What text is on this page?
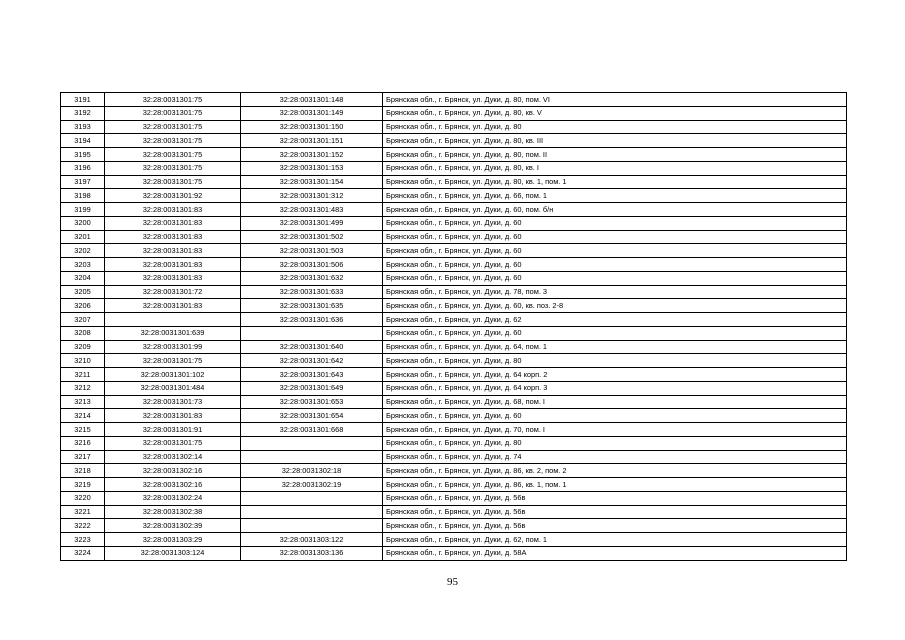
3191	32:28:0031301:75	32:28:0031301:148	Брянская обл., г. Брянск, ул. Дуки, д. 80, пом. VI
3192	32:28:0031301:75	32:28:0031301:149	Брянская обл., г. Брянск, ул. Дуки, д. 80, кв. V
3193	32:28:0031301:75	32:28:0031301:150	Брянская обл., г. Брянск, ул. Дуки, д. 80
3194	32:28:0031301:75	32:28:0031301:151	Брянская обл., г. Брянск, ул. Дуки, д. 80, кв. III
3195	32:28:0031301:75	32:28:0031301:152	Брянская обл., г. Брянск, ул. Дуки, д. 80, пом. II
3196	32:28:0031301:75	32:28:0031301:153	Брянская обл., г. Брянск, ул. Дуки, д. 80, кв. I
3197	32:28:0031301:75	32:28:0031301:154	Брянская обл., г. Брянск, ул. Дуки, д. 80, кв. 1, пом. 1
3198	32:28:0031301:92	32:28:0031301:312	Брянская обл., г. Брянск, ул. Дуки, д. 66, пом. 1
3199	32:28:0031301:83	32:28:0031301:483	Брянская обл., г. Брянск, ул. Дуки, д. 60, пом. б/н
3200	32:28:0031301:83	32:28:0031301:499	Брянская обл., г. Брянск, ул. Дуки, д. 60
3201	32:28:0031301:83	32:28:0031301:502	Брянская обл., г. Брянск, ул. Дуки, д. 60
3202	32:28:0031301:83	32:28:0031301:503	Брянская обл., г. Брянск, ул. Дуки, д. 60
3203	32:28:0031301:83	32:28:0031301:506	Брянская обл., г. Брянск, ул. Дуки, д. 60
3204	32:28:0031301:83	32:28:0031301:632	Брянская обл., г. Брянск, ул. Дуки, д. 60
3205	32:28:0031301:72	32:28:0031301:633	Брянская обл., г. Брянск, ул. Дуки, д. 78, пом. 3
3206	32:28:0031301:83	32:28:0031301:635	Брянская обл., г. Брянск, ул. Дуки, д. 60, кв. поз. 2-8
3207		32:28:0031301:636	Брянская обл., г. Брянск, ул. Дуки, д. 62
3208	32:28:0031301:639		Брянская обл., г. Брянск, ул. Дуки, д. 60
3209	32:28:0031301:99	32:28:0031301:640	Брянская обл., г. Брянск, ул. Дуки, д. 64, пом. 1
3210	32:28:0031301:75	32:28:0031301:642	Брянская обл., г. Брянск, ул. Дуки, д. 80
3211	32:28:0031301:102	32:28:0031301:643	Брянская обл., г. Брянск, ул. Дуки, д. 64 корп. 2
3212	32:28:0031301:484	32:28:0031301:649	Брянская обл., г. Брянск, ул. Дуки, д. 64 корп. 3
3213	32:28:0031301:73	32:28:0031301:653	Брянская обл., г. Брянск, ул. Дуки, д. 68, пом. I
3214	32:28:0031301:83	32:28:0031301:654	Брянская обл., г. Брянск, ул. Дуки, д. 60
3215	32:28:0031301:91	32:28:0031301:668	Брянская обл., г. Брянск, ул. Дуки, д. 70, пом. I
3216	32:28:0031301:75		Брянская обл., г. Брянск, ул. Дуки, д. 80
3217	32:28:0031302:14		Брянская обл., г. Брянск, ул. Дуки, д. 74
3218	32:28:0031302:16	32:28:0031302:18	Брянская обл., г. Брянск, ул. Дуки, д. 86, кв. 2, пом. 2
3219	32:28:0031302:16	32:28:0031302:19	Брянская обл., г. Брянск, ул. Дуки, д. 86, кв. 1, пом. 1
3220	32:28:0031302:24		Брянская обл., г. Брянск, ул. Дуки, д. 56в
3221	32:28:0031302:38		Брянская обл., г. Брянск, ул. Дуки, д. 56в
3222	32:28:0031302:39		Брянская обл., г. Брянск, ул. Дуки, д. 56в
3223	32:28:0031303:29	32:28:0031303:122	Брянская обл., г. Брянск, ул. Дуки, д. 62, пом. 1
3224	32:28:0031303:124	32:28:0031303:136	Брянская обл., г. Брянск, ул. Дуки, д. 58А
95
